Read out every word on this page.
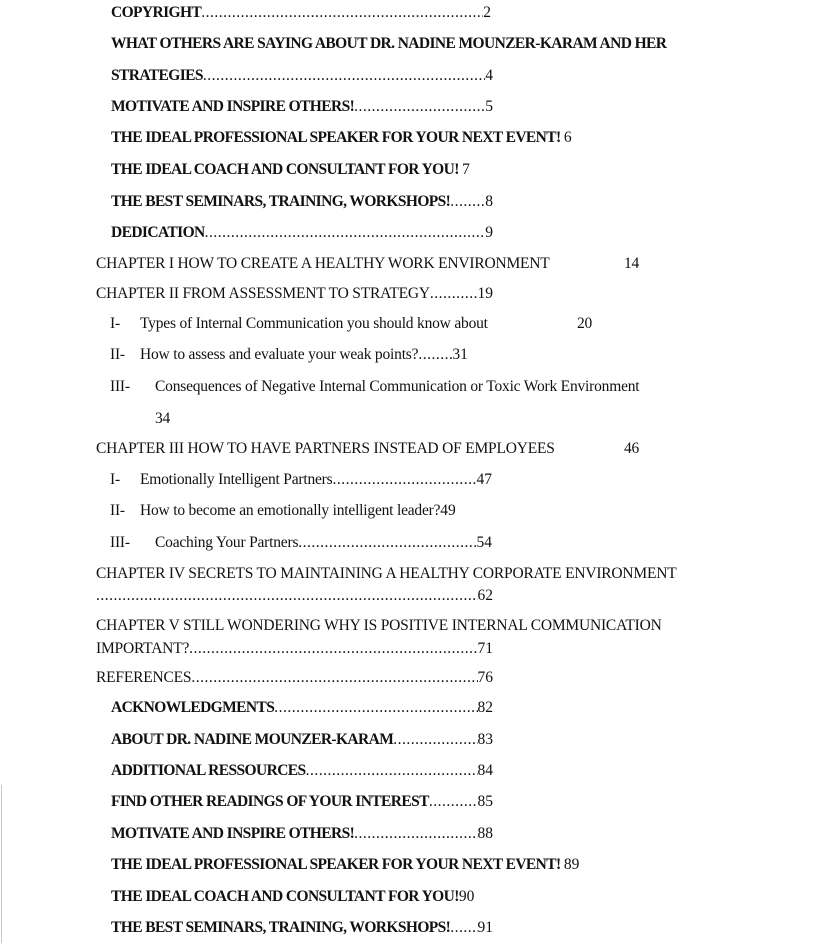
COPYRIGHT .....	2
WHAT OTHERS ARE SAYING ABOUT DR. NADINE MOUNZER-KARAM AND HER
STRATEGIES .....	4
MOTIVATE AND INSPIRE OTHERS! .....	5
THE IDEAL PROFESSIONAL SPEAKER FOR YOUR NEXT EVENT! 6
THE IDEAL COACH AND CONSULTANT FOR YOU! 7
THE BEST SEMINARS, TRAINING, WORKSHOPS! ..... 8
DEDICATION .....	9
CHAPTER I HOW TO CREATE A HEALTHY WORK ENVIRONMENT	14
CHAPTER II FROM ASSESSMENT TO STRATEGY .....	19
I- Types of Internal Communication you should know about	20
II- How to assess and evaluate your weak points? ..... 31
III- Consequences of Negative Internal Communication or Toxic Work Environment
34
CHAPTER III HOW TO HAVE PARTNERS INSTEAD OF EMPLOYEES	46
I-	Emotionally Intelligent Partners .....	47
II- How to become an emotionally intelligent leader?49
III-	Coaching Your Partners .....	54
CHAPTER IV SECRETS TO MAINTAINING A HEALTHY CORPORATE ENVIRONMENT
.....
62
CHAPTER V STILL WONDERING WHY IS POSITIVE INTERNAL COMMUNICATION
IMPORTANT? .....	71
REFERENCES .....	76
ACKNOWLEDGMENTS .....	82
ABOUT DR. NADINE MOUNZER-KARAM .....	83
ADDITIONAL RESSOURCES .....	84
FIND OTHER READINGS OF YOUR INTEREST .....	85
MOTIVATE AND INSPIRE OTHERS! .....	88
THE IDEAL PROFESSIONAL SPEAKER FOR YOUR NEXT EVENT! 89
THE IDEAL COACH AND CONSULTANT FOR YOU!90
THE BEST SEMINARS, TRAINING, WORKSHOPS! ..... 91
